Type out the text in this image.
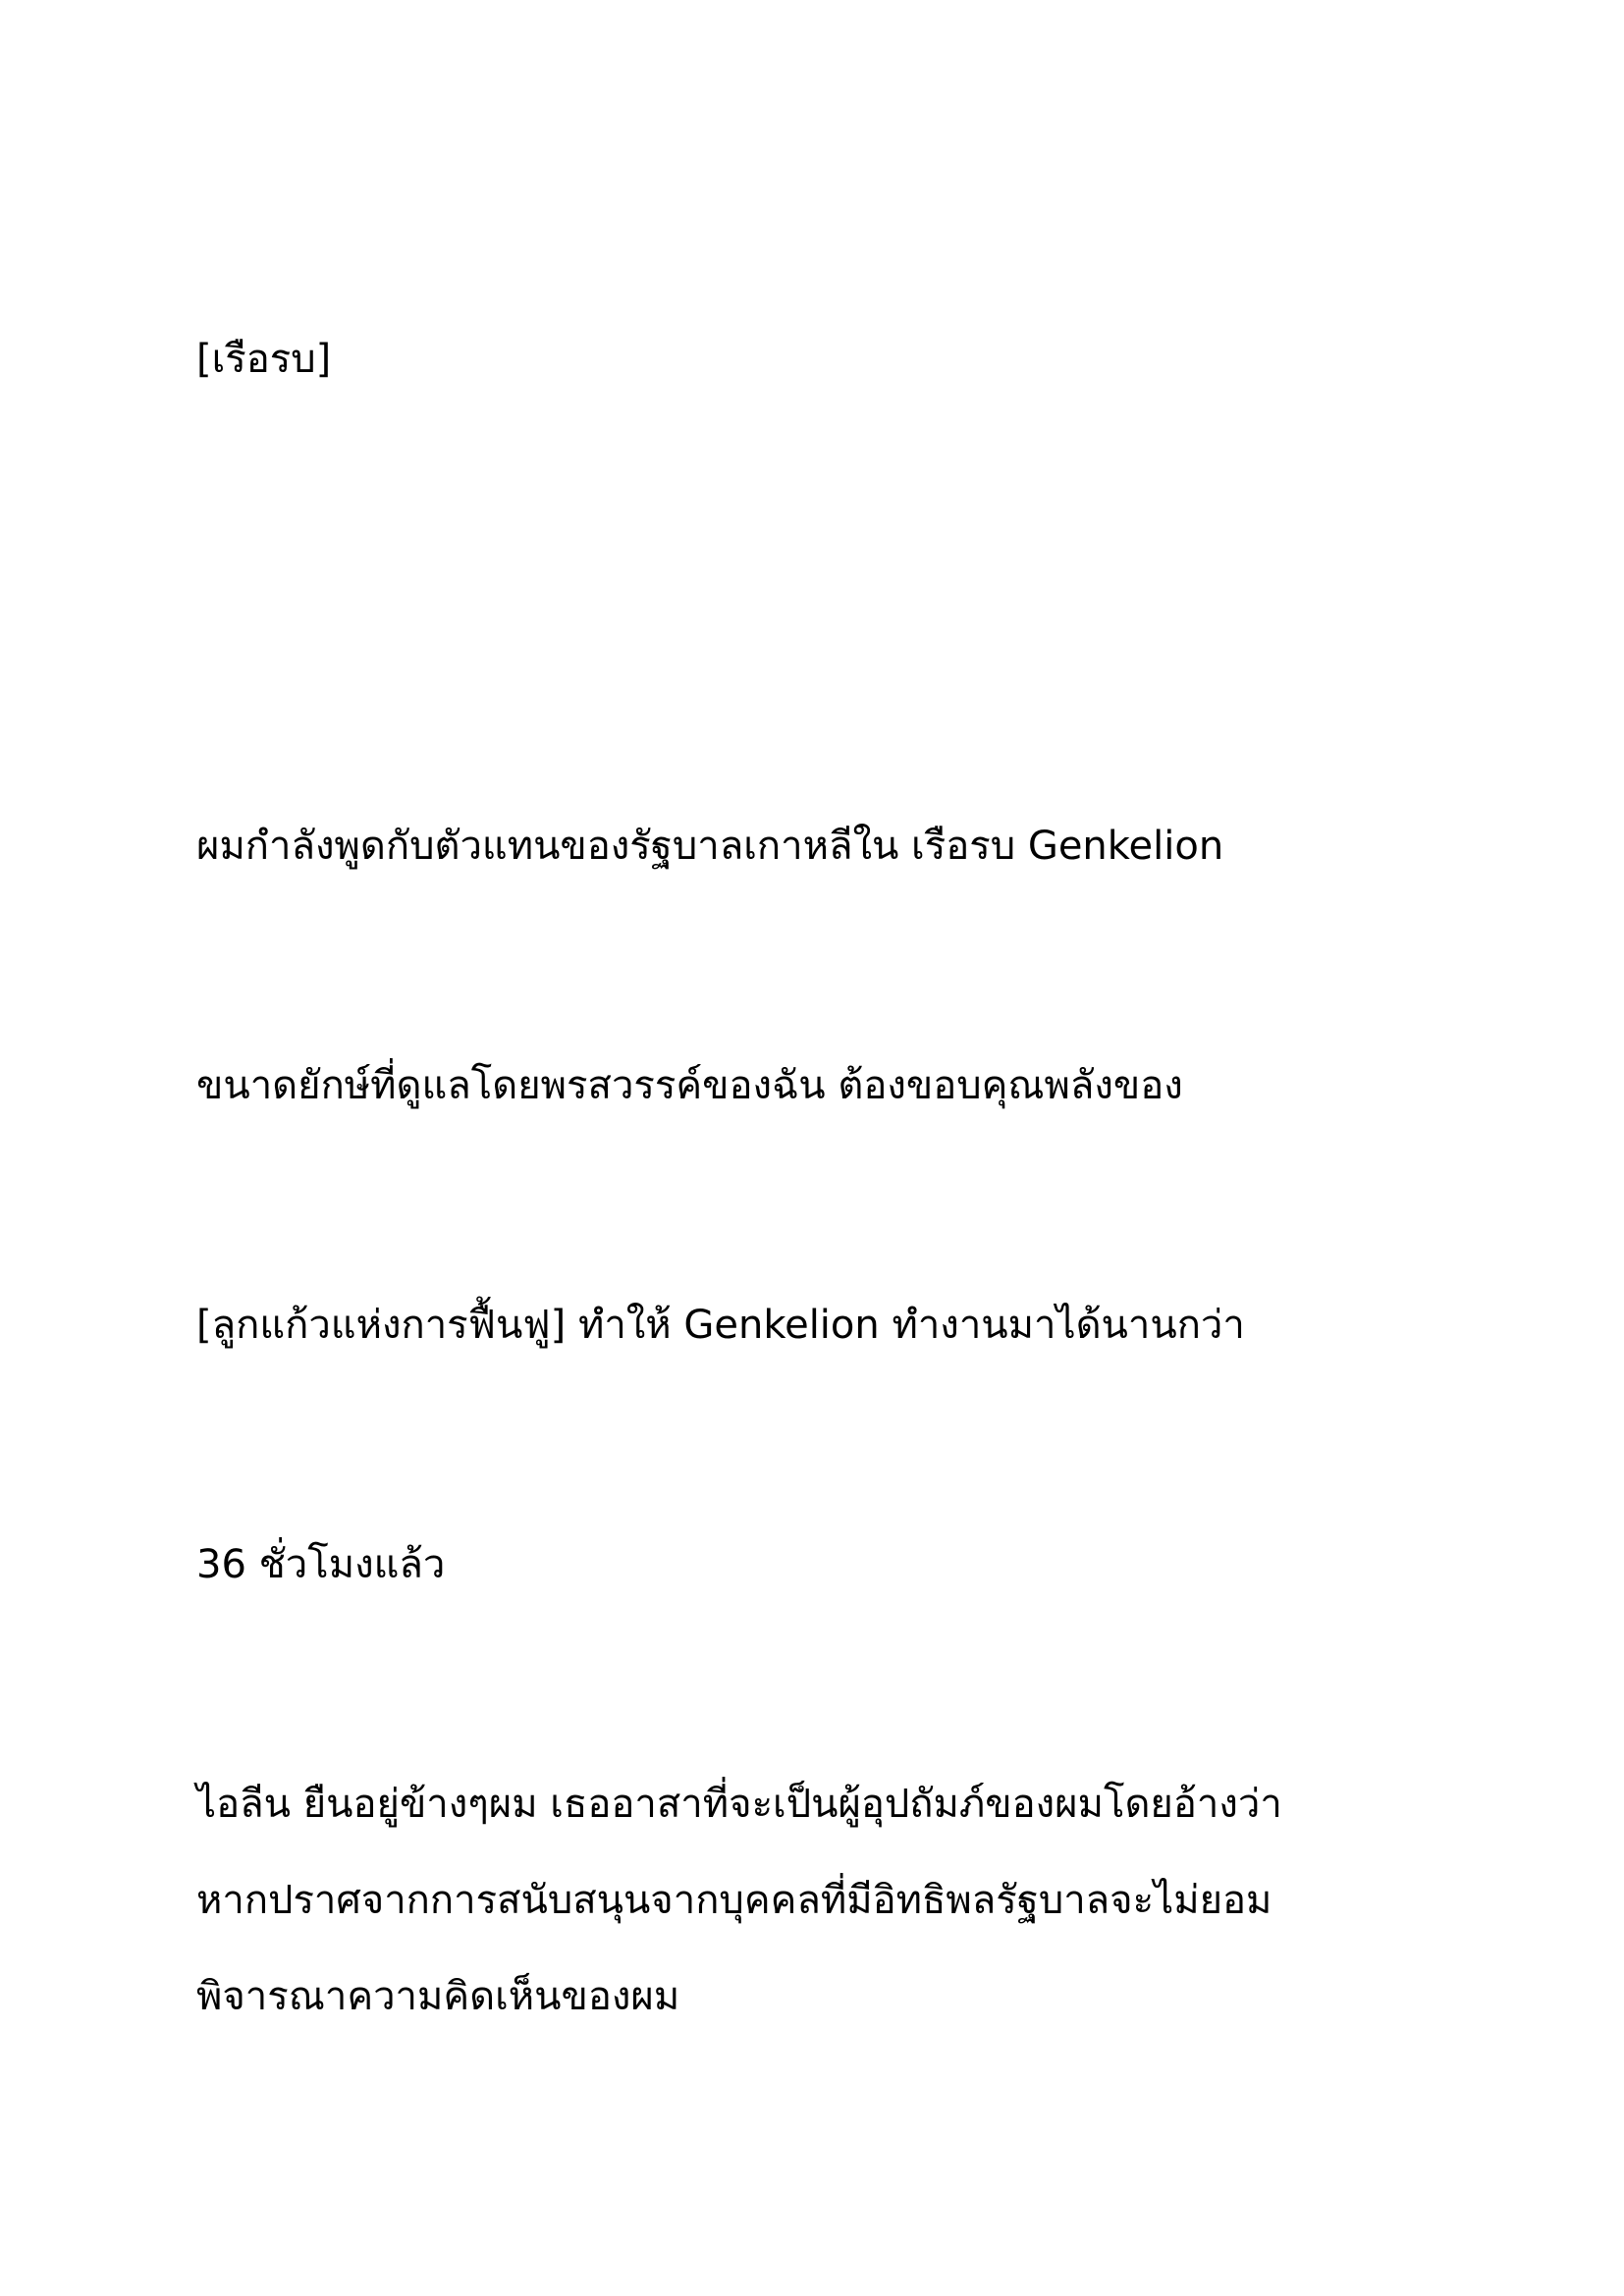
[เรือรบ]

ผมกำลังพูดกับตัวแทนของรัฐบาลเกาหลีใน เรือรบ Genkelion

ขนาดยักษ์ที่ดูแลโดยพรสวรรค์ของฉัน ต้องขอบคุณพลังของ

[ลูกแก้วแห่งการฟื้นฟู] ทำให้ Genkelion ทำงานมาได้นานกว่า

36 ชั่วโมงแล้ว

ไอลีน ยืนอยู่ข้างๆผม เธออาสาที่จะเป็นผู้อุปถัมภ์ของผมโดยอ้างว่า

หากปราศจากการสนับสนุนจากบุคคลที่มีอิทธิพลรัฐบาลจะไม่ยอม

พิจารณาความคิดเห็นของผม
